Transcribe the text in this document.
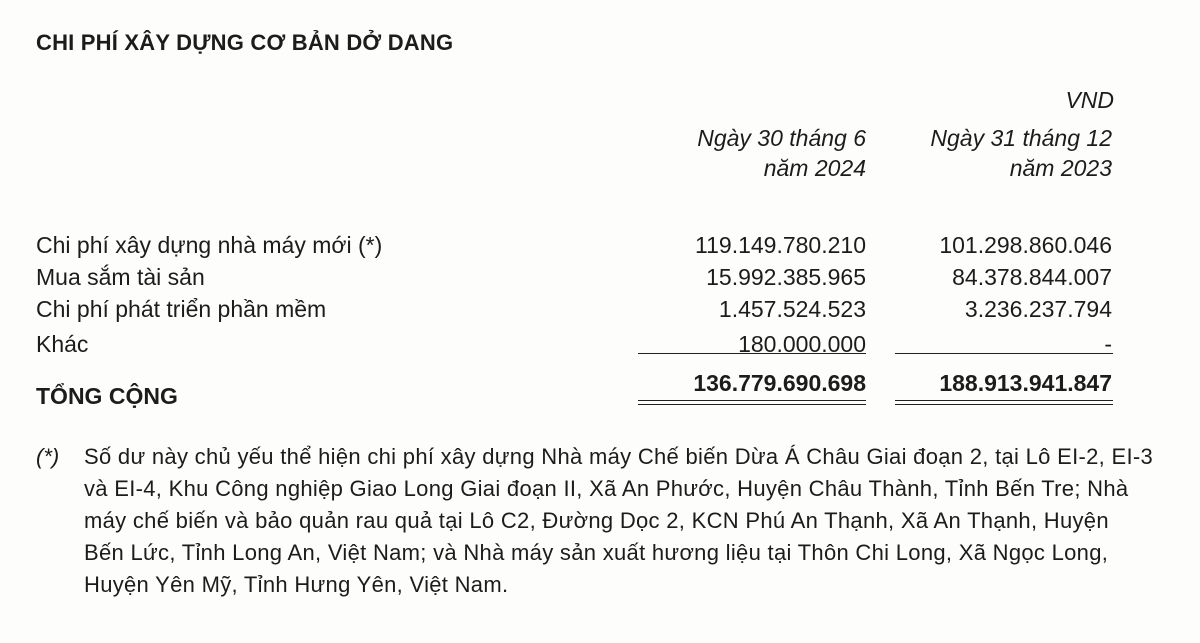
CHI PHÍ XÂY DỰNG CƠ BẢN DỞ DANG
VND
Ngày 30 tháng 6
năm 2024
Ngày 31 tháng 12
năm 2023
Chi phí xây dựng nhà máy mới (*)	119.149.780.210	101.298.860.046
Mua sắm tài sản	15.992.385.965	84.378.844.007
Chi phí phát triển phần mềm	1.457.524.523	3.236.237.794
Khác	180.000.000	-
TỔNG CỘNG	136.779.690.698	188.913.941.847
(*) Số dư này chủ yếu thể hiện chi phí xây dựng Nhà máy Chế biến Dừa Á Châu Giai đoạn 2, tại Lô EI-2, EI-3 và EI-4, Khu Công nghiệp Giao Long Giai đoạn II, Xã An Phước, Huyện Châu Thành, Tỉnh Bến Tre; Nhà máy chế biến và bảo quản rau quả tại Lô C2, Đường Dọc 2, KCN Phú An Thạnh, Xã An Thạnh, Huyện Bến Lức, Tỉnh Long An, Việt Nam; và Nhà máy sản xuất hương liệu tại Thôn Chi Long, Xã Ngọc Long, Huyện Yên Mỹ, Tỉnh Hưng Yên, Việt Nam.
